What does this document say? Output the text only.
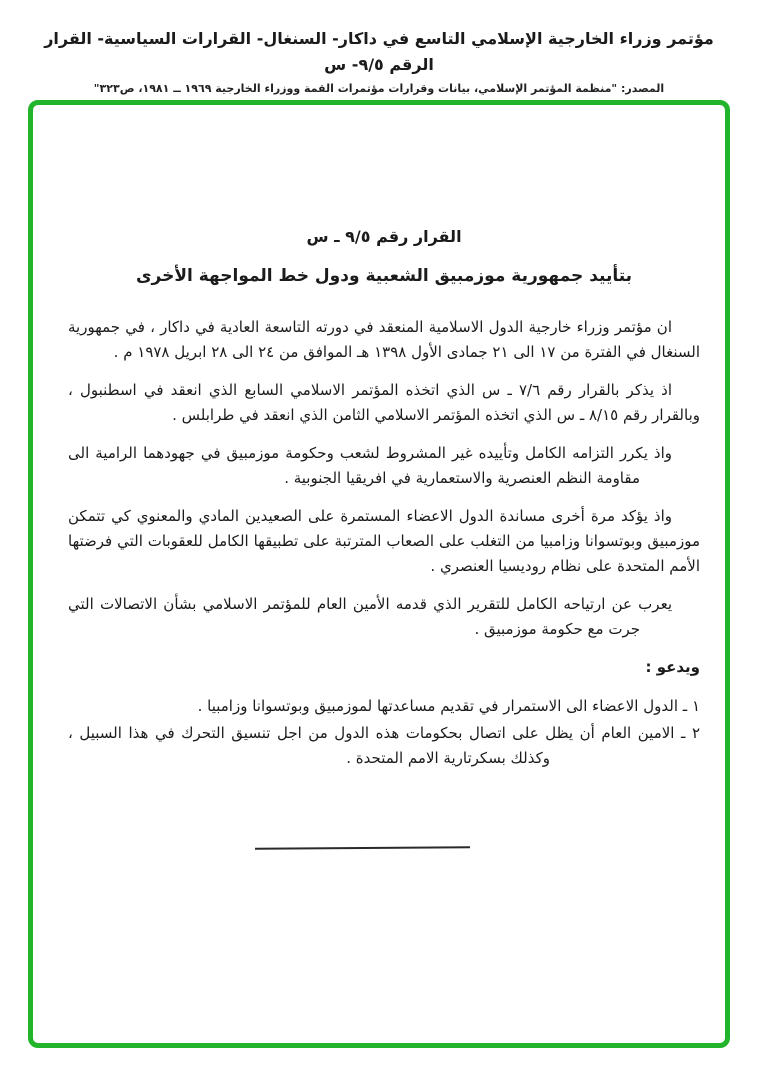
مؤتمر وزراء الخارجية الإسلامي التاسع في داكار- السنغال- القرارات السياسية- القرار الرقم ٩/٥- س
المصدر: "منظمة المؤتمر الإسلامي، بيانات وقرارات مؤتمرات القمة ووزراء الخارجية ١٩٦٩ ــ ١٩٨١، ص٣٢٣"
القرار رقم ٩/٥ ـ س
بتأييد جمهورية موزمبيق الشعبية ودول خط المواجهة الأخرى

ان مؤتمر وزراء خارجية الدول الاسلامية المنعقد في دورته التاسعة العادية في داكار ، في جمهورية السنغال في الفترة من ١٧ الى ٢١ جمادى الأول ١٣٩٨ هـ الموافق من ٢٤ الى ٢٨ ابريل ١٩٧٨ م .

اذ يذكر بالقرار رقم ٧/٦ ـ س الذي اتخذه المؤتمر الاسلامي السابع الذي انعقد في اسطنبول ، وبالقرار رقم ٨/١٥ ـ س الذي اتخذه المؤتمر الاسلامي الثامن الذي انعقد في طرابلس .

واذ يكرر التزامه الكامل وتأييده غير المشروط لشعب وحكومة موزمبيق في جهودهما الرامية الى مقاومة النظم العنصرية والاستعمارية في افريقيا الجنوبية .

واذ يؤكد مرة أخرى مساندة الدول الاعضاء المستمرة على الصعيدين المادي والمعنوي كي تتمكن موزمبيق وبوتسوانا وزامبيا من التغلب على الصعاب المترتبة على تطبيقها الكامل للعقوبات التي فرضتها الأمم المتحدة على نظام روديسيا العنصري .

يعرب عن ارتياحه الكامل للتقرير الذي قدمه الأمين العام للمؤتمر الاسلامي بشأن الاتصالات التي جرت مع حكومة موزمبيق .

ويدعو :

١ ـ الدول الاعضاء الى الاستمرار في تقديم مساعدتها لموزمبيق وبوتسوانا وزامبيا .

٢ ـ الامين العام أن يظل على اتصال بحكومات هذه الدول من اجل تنسيق التحرك في هذا السبيل ، وكذلك بسكرتارية الامم المتحدة .
